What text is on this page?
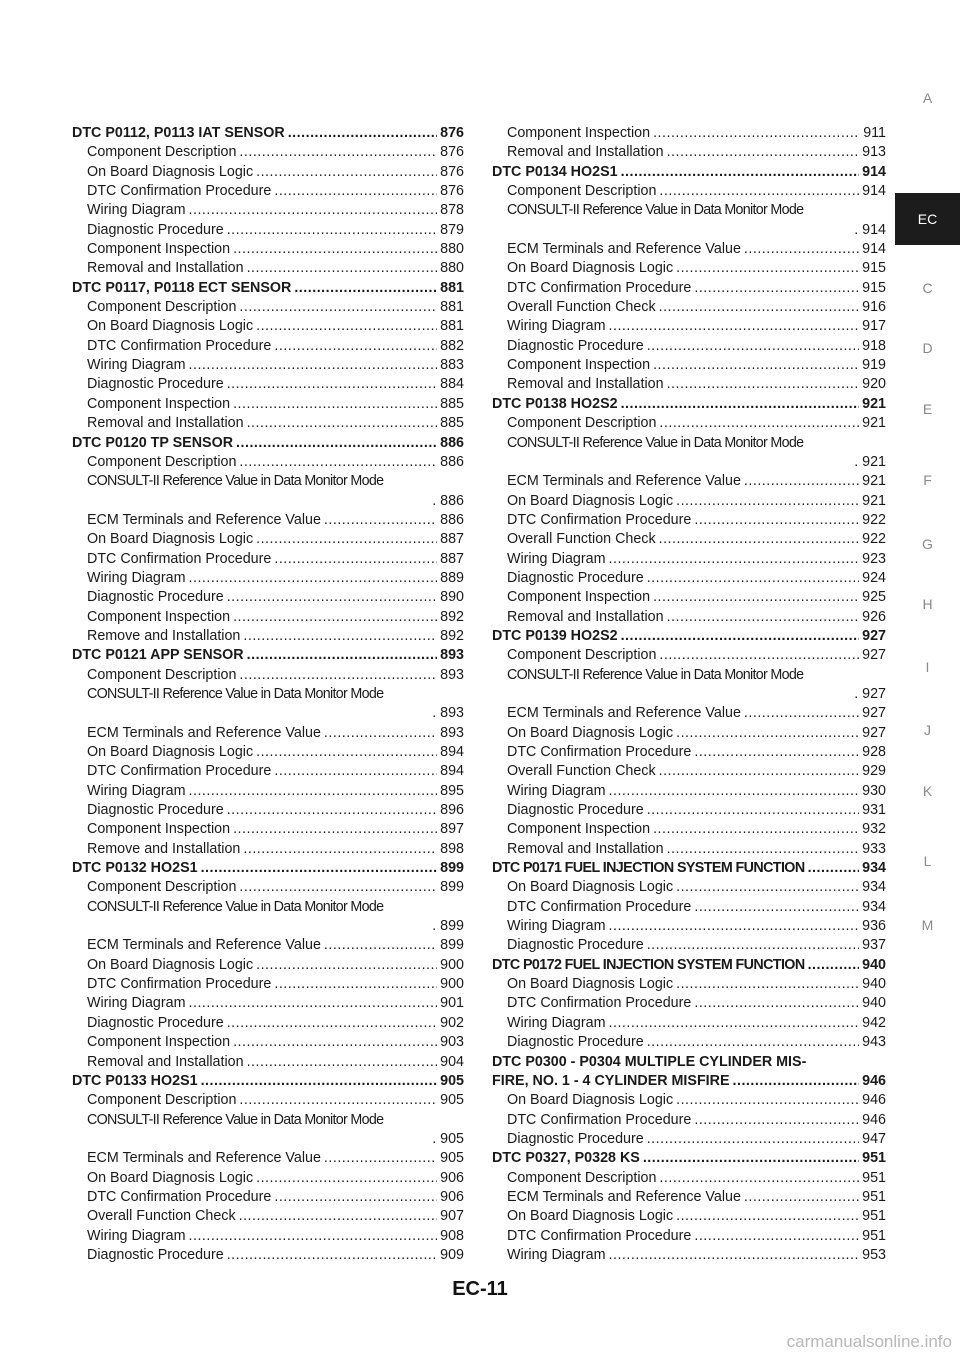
DTC P0112, P0113 IAT SENSOR .....	876
Component Description .....	876
On Board Diagnosis Logic .....	876
DTC Confirmation Procedure .....	876
Wiring Diagram .....	878
Diagnostic Procedure .....	879
Component Inspection .....	880
Removal and Installation .....	880
DTC P0117, P0118 ECT SENSOR .....	881
Component Description .....	881
On Board Diagnosis Logic .....	881
DTC Confirmation Procedure .....	882
Wiring Diagram .....	883
Diagnostic Procedure .....	884
Component Inspection .....	885
Removal and Installation .....	885
DTC P0120 TP SENSOR .....	886
Component Description .....	886
CONSULT-II Reference Value in Data Monitor Mode
. 886
ECM Terminals and Reference Value .....	886
On Board Diagnosis Logic .....	887
DTC Confirmation Procedure .....	887
Wiring Diagram .....	889
Diagnostic Procedure .....	890
Component Inspection .....	892
Remove and Installation .....	892
DTC P0121 APP SENSOR .....	893
Component Description .....	893
CONSULT-II Reference Value in Data Monitor Mode
. 893
ECM Terminals and Reference Value .....	893
On Board Diagnosis Logic .....	894
DTC Confirmation Procedure .....	894
Wiring Diagram .....	895
Diagnostic Procedure .....	896
Component Inspection .....	897
Remove and Installation .....	898
DTC P0132 HO2S1 .....	899
Component Description .....	899
CONSULT-II Reference Value in Data Monitor Mode
. 899
ECM Terminals and Reference Value .....	899
On Board Diagnosis Logic .....	900
DTC Confirmation Procedure .....	900
Wiring Diagram .....	901
Diagnostic Procedure .....	902
Component Inspection .....	903
Removal and Installation .....	904
DTC P0133 HO2S1 .....	905
Component Description .....	905
CONSULT-II Reference Value in Data Monitor Mode
. 905
ECM Terminals and Reference Value .....	905
On Board Diagnosis Logic .....	906
DTC Confirmation Procedure .....	906
Overall Function Check .....	907
Wiring Diagram .....	908
Diagnostic Procedure .....	909
Component Inspection .....	911
Removal and Installation .....	913
DTC P0134 HO2S1 .....	914
Component Description .....	914
CONSULT-II Reference Value in Data Monitor Mode
. 914
ECM Terminals and Reference Value .....	914
On Board Diagnosis Logic .....	915
DTC Confirmation Procedure .....	915
Overall Function Check .....	916
Wiring Diagram .....	917
Diagnostic Procedure .....	918
Component Inspection .....	919
Removal and Installation .....	920
DTC P0138 HO2S2 .....	921
Component Description .....	921
CONSULT-II Reference Value in Data Monitor Mode
. 921
ECM Terminals and Reference Value .....	921
On Board Diagnosis Logic .....	921
DTC Confirmation Procedure .....	922
Overall Function Check .....	922
Wiring Diagram .....	923
Diagnostic Procedure .....	924
Component Inspection .....	925
Removal and Installation .....	926
DTC P0139 HO2S2 .....	927
Component Description .....	927
CONSULT-II Reference Value in Data Monitor Mode
. 927
ECM Terminals and Reference Value .....	927
On Board Diagnosis Logic .....	927
DTC Confirmation Procedure .....	928
Overall Function Check .....	929
Wiring Diagram .....	930
Diagnostic Procedure .....	931
Component Inspection .....	932
Removal and Installation .....	933
DTC P0171 FUEL INJECTION SYSTEM FUNCTION .....	934
On Board Diagnosis Logic .....	934
DTC Confirmation Procedure .....	934
Wiring Diagram .....	936
Diagnostic Procedure .....	937
DTC P0172 FUEL INJECTION SYSTEM FUNCTION .....	940
On Board Diagnosis Logic .....	940
DTC Confirmation Procedure .....	940
Wiring Diagram .....	942
Diagnostic Procedure .....	943
DTC P0300 - P0304 MULTIPLE CYLINDER MIS-
FIRE, NO. 1 - 4 CYLINDER MISFIRE .....	946
On Board Diagnosis Logic .....	946
DTC Confirmation Procedure .....	946
Diagnostic Procedure .....	947
DTC P0327, P0328 KS .....	951
Component Description .....	951
ECM Terminals and Reference Value .....	951
On Board Diagnosis Logic .....	951
DTC Confirmation Procedure .....	951
Wiring Diagram .....	953
A
EC
C
D
E
F
G
H
I
J
K
L
M
EC-11
carmanualsonline.info
